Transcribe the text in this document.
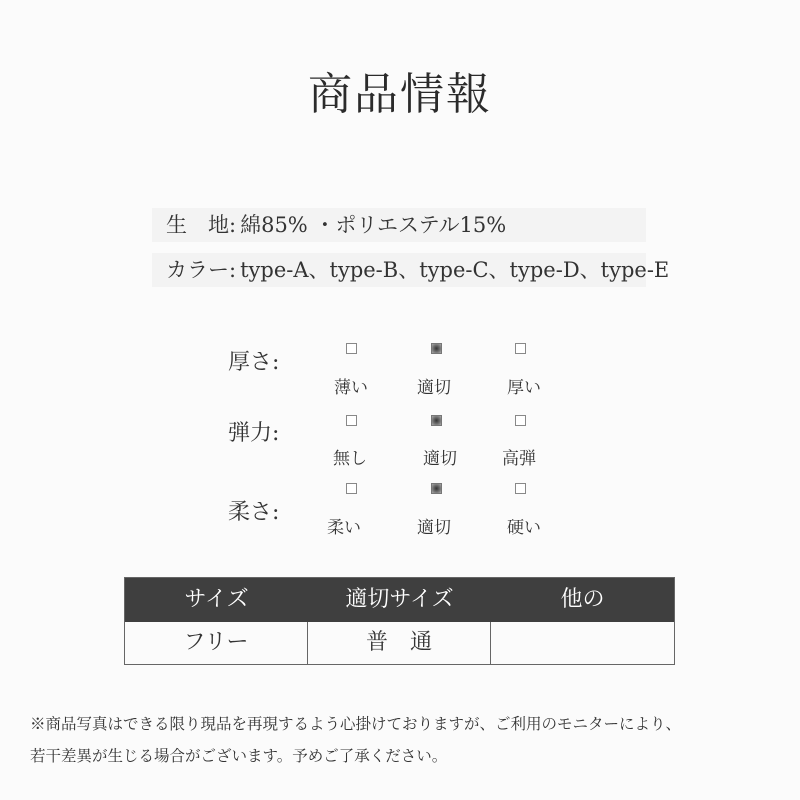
商品情報
生　地: 綿85% ・ポリエステル15%
カラー: type-A、type-B、type-C、type-D、type-E
厚さ:
薄い	適切	厚い
弾力:
無し	適切	高弾
柔さ:
柔い	適切	硬い
サイズ	適切サイズ	他の
フリー	普　通
※商品写真はできる限り現品を再現するよう心掛けておりますが、ご利用のモニターにより、
若干差異が生じる場合がございます。予めご了承ください。
